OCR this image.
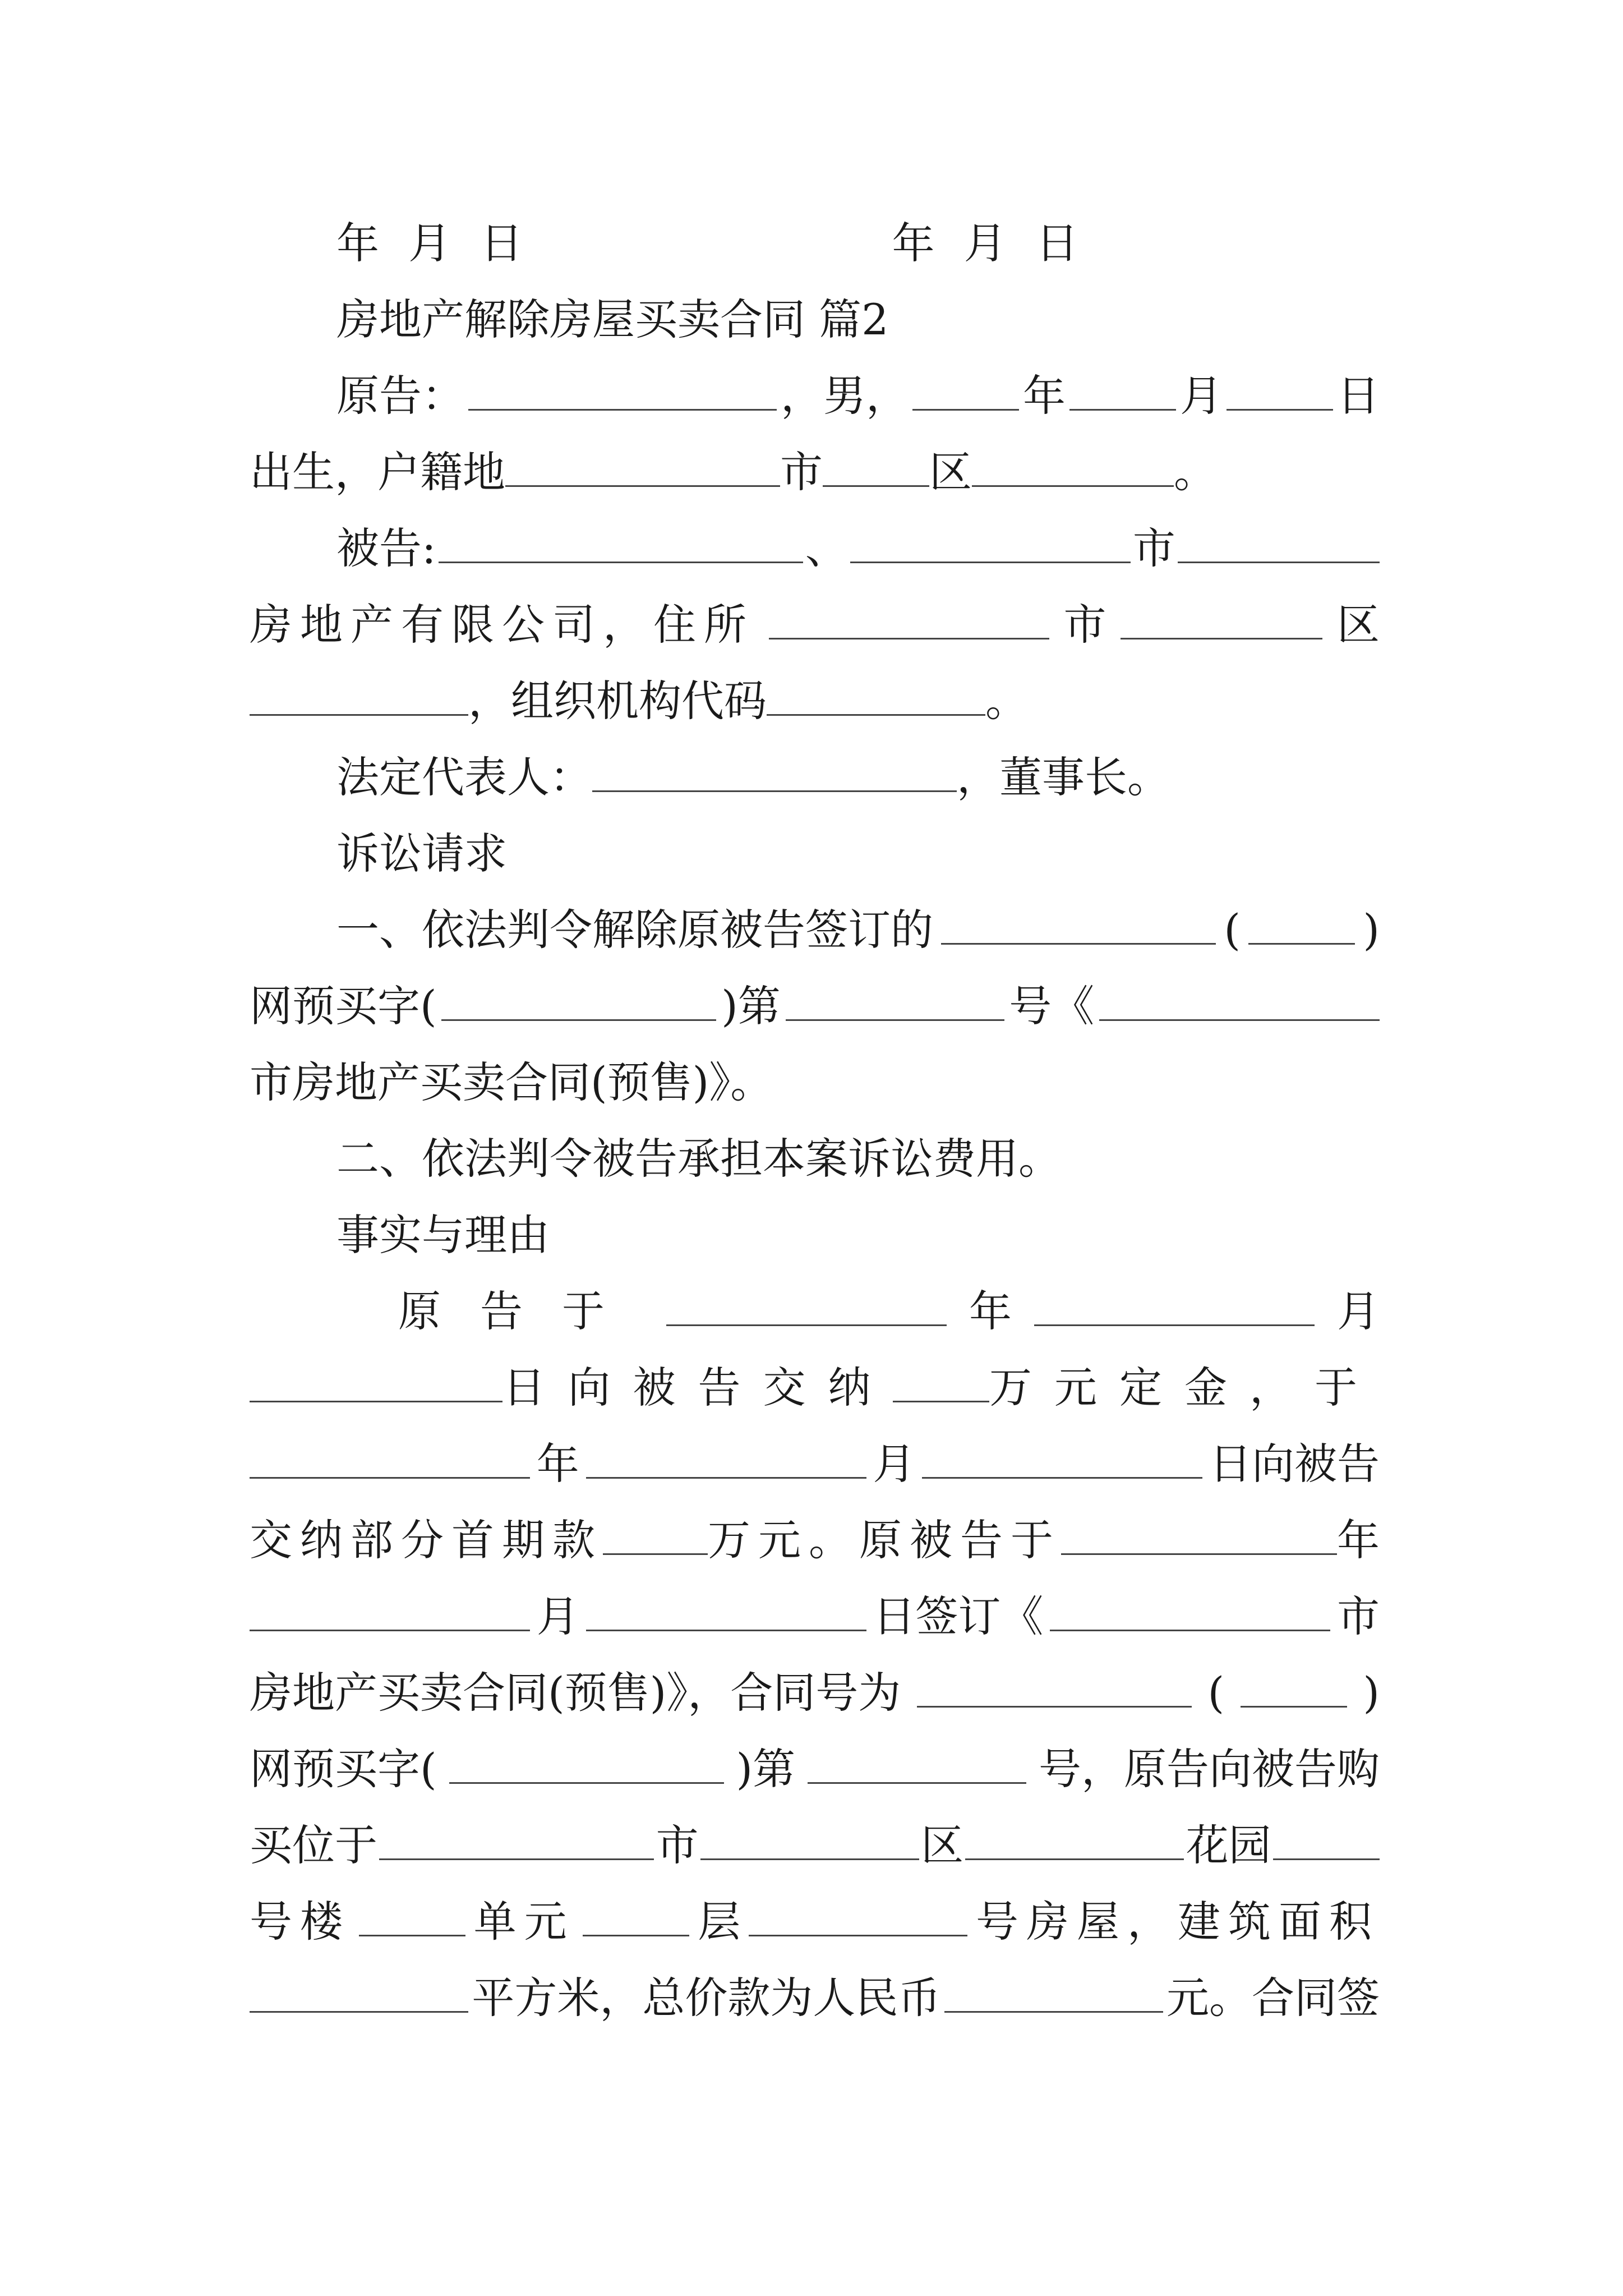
年 月 日	年 月 日
房地产解除房屋买卖合同 篇2
原告：	，男，	年	月	日
出生，户籍地	市	区	。
被告:	、	市
房地产有限公司，住所	市	区
，组织机构代码	。
法定代表人：	，董事长。
诉讼请求
一、依法判令解除原被告签订的	(	)
网预买字(	)第	号《
市房地产买卖合同(预售)》。
二、依法判令被告承担本案诉讼费用。
事实与理由
原告于	年	月
日向被告交纳 万元定金，于
年	月	日向被告
交纳部分首期款 万元。原被告于	年
月	日签订《	市
房地产买卖合同(预售)》，合同号为	(	)
网预买字(	)第	号，原告向被告购
买位于	市	区	花园
号楼	单元	层	号房屋，建筑面积
平方米，总价款为人民币	元。合同签
